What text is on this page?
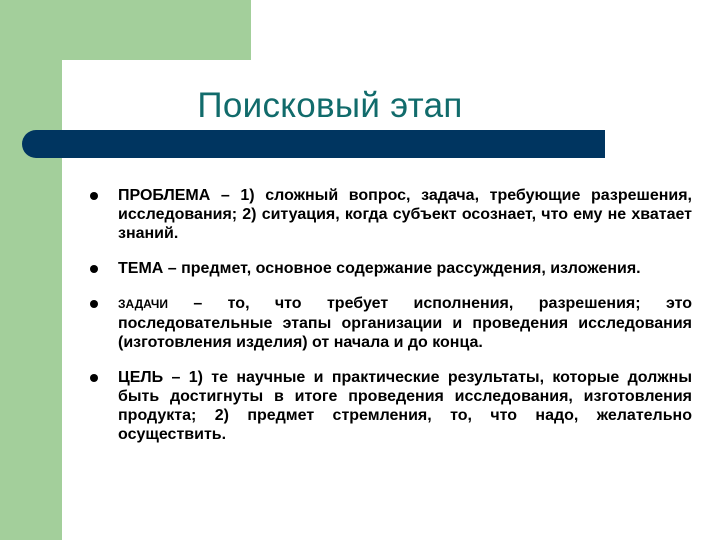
Поисковый этап
ПРОБЛЕМА – 1) сложный вопрос, задача, требующие разрешения, исследования; 2) ситуация, когда субъект осознает, что ему не хватает знаний.
ТЕМА – предмет, основное содержание рассуждения, изложения.
ЗАДАЧИ – то, что требует исполнения, разрешения; это последовательные этапы организации и проведения исследования (изготовления изделия) от начала и до конца.
ЦЕЛЬ – 1) те научные и практические результаты, которые должны быть достигнуты в итоге проведения исследования, изготовления продукта; 2) предмет стремления, то, что надо, желательно осуществить.
